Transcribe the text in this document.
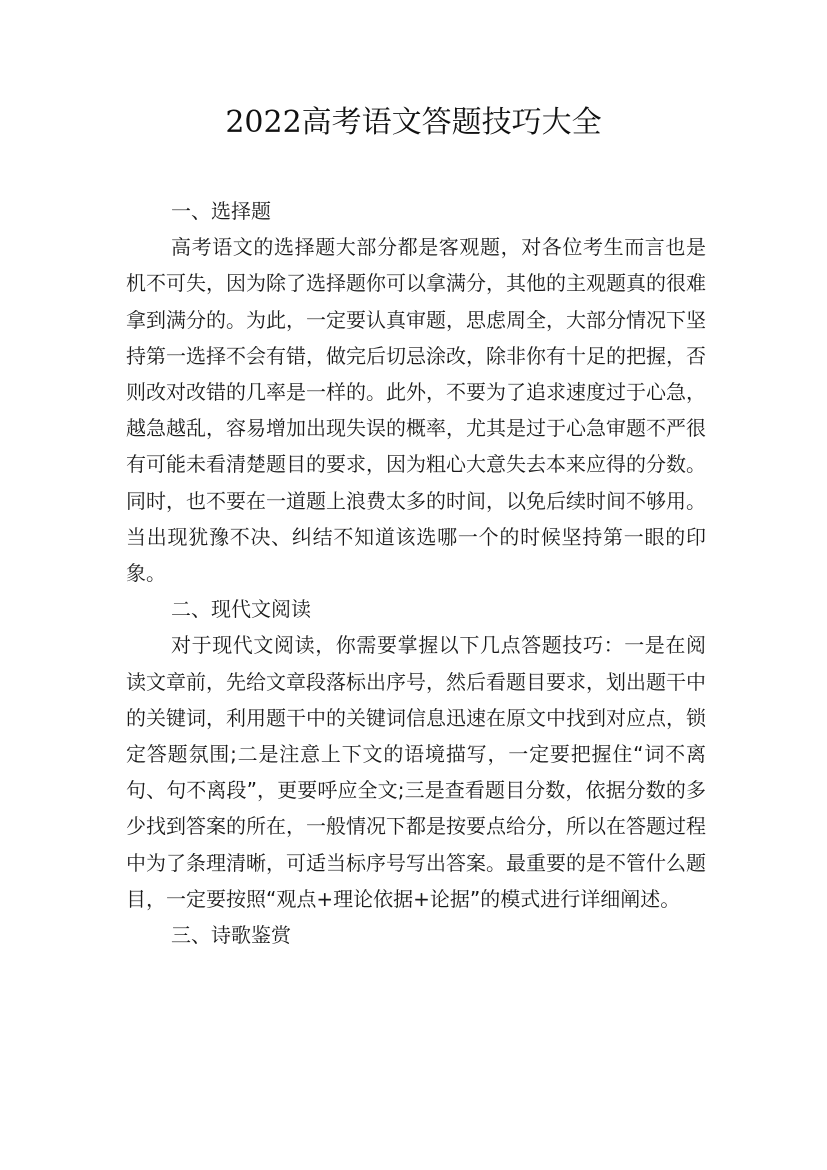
2022高考语文答题技巧大全

一、选择题

高考语文的选择题大部分都是客观题，对各位考生而言也是机不可失，因为除了选择题你可以拿满分，其他的主观题真的很难拿到满分的。为此，一定要认真审题，思虑周全，大部分情况下坚持第一选择不会有错，做完后切忌涂改，除非你有十足的把握，否则改对改错的几率是一样的。此外，不要为了追求速度过于心急，越急越乱，容易增加出现失误的概率，尤其是过于心急审题不严很有可能未看清楚题目的要求，因为粗心大意失去本来应得的分数。同时，也不要在一道题上浪费太多的时间，以免后续时间不够用。当出现犹豫不决、纠结不知道该选哪一个的时候坚持第一眼的印象。

二、现代文阅读

对于现代文阅读，你需要掌握以下几点答题技巧：一是在阅读文章前，先给文章段落标出序号，然后看题目要求，划出题干中的关键词，利用题干中的关键词信息迅速在原文中找到对应点，锁定答题氛围;二是注意上下文的语境描写，一定要把握住“词不离句、句不离段”，更要呼应全文;三是查看题目分数，依据分数的多少找到答案的所在，一般情况下都是按要点给分，所以在答题过程中为了条理清晰，可适当标序号写出答案。最重要的是不管什么题目，一定要按照“观点+理论依据+论据”的模式进行详细阐述。

三、诗歌鉴赏
